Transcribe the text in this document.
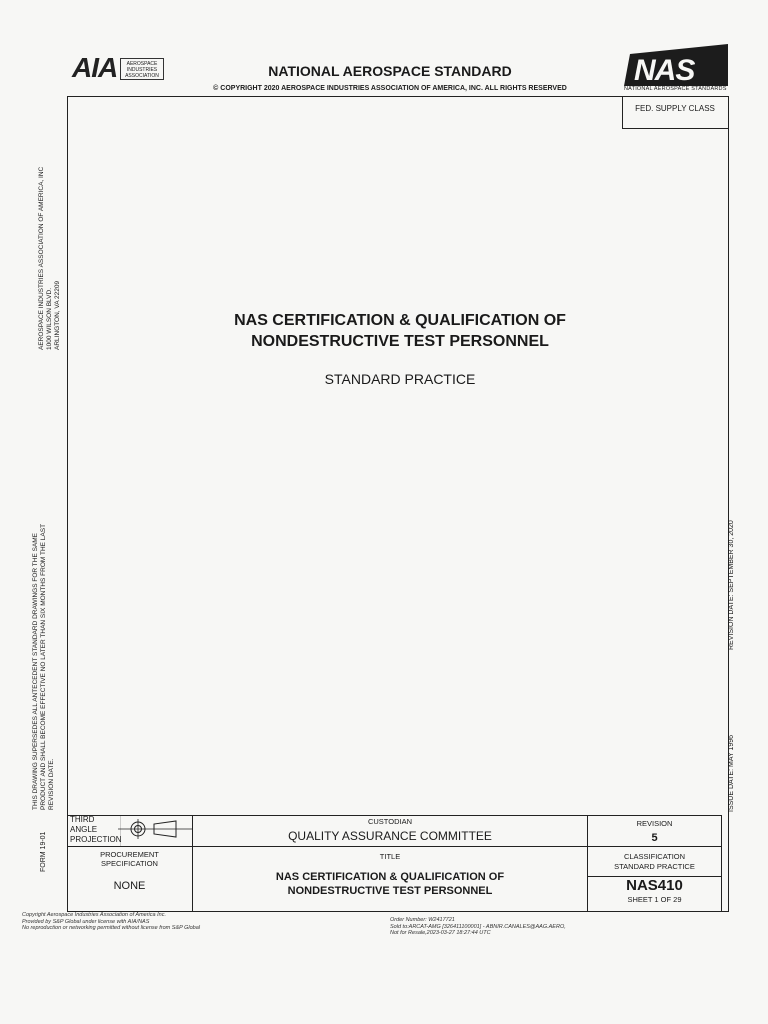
AIA	AEROSPACE INDUSTRIES ASSOCIATION	NATIONAL AEROSPACE STANDARD
© COPYRIGHT 2020 AEROSPACE INDUSTRIES ASSOCIATION OF AMERICA, INC. ALL RIGHTS RESERVED
NAS
NATIONAL AEROSPACE STANDARDS
FED. SUPPLY CLASS
NAS CERTIFICATION & QUALIFICATION OF
NONDESTRUCTIVE TEST PERSONNEL
STANDARD PRACTICE
AEROSPACE INDUSTRIES ASSOCIATION OF AMERICA, INC 1000 WILSON BLVD. ARLINGTON, VA 22209
THIS DRAWING SUPERSEDES ALL ANTECEDENT STANDARD DRAWINGS FOR THE SAME PRODUCT AND SHALL BECOME EFFECTIVE NO LATER THAN SIX MONTHS FROM THE LAST REVISION DATE.
FORM 19-01
REVISION DATE: SEPTEMBER 30, 2020
ISSUE DATE: MAY 1996
THIRD
ANGLE
PROJECTION
CUSTODIAN
QUALITY ASSURANCE COMMITTEE
REVISION
5
PROCUREMENT
SPECIFICATION
NONE
TITLE
NAS CERTIFICATION & QUALIFICATION OF
NONDESTRUCTIVE TEST PERSONNEL
CLASSIFICATION
STANDARD PRACTICE
NAS410
SHEET 1 OF 29
Copyright Aerospace Industries Association of America Inc.
Provided by S&P Global under license with AIA/NAS
No reproduction or networking permitted without license from S&P Global
Order Number: W2417721
Sold to:ARCAT-AMG [326411100001] - ABNIR.CANALES@AAG.AERO,
Not for Resale,2023-03-27 18:27:44 UTC
